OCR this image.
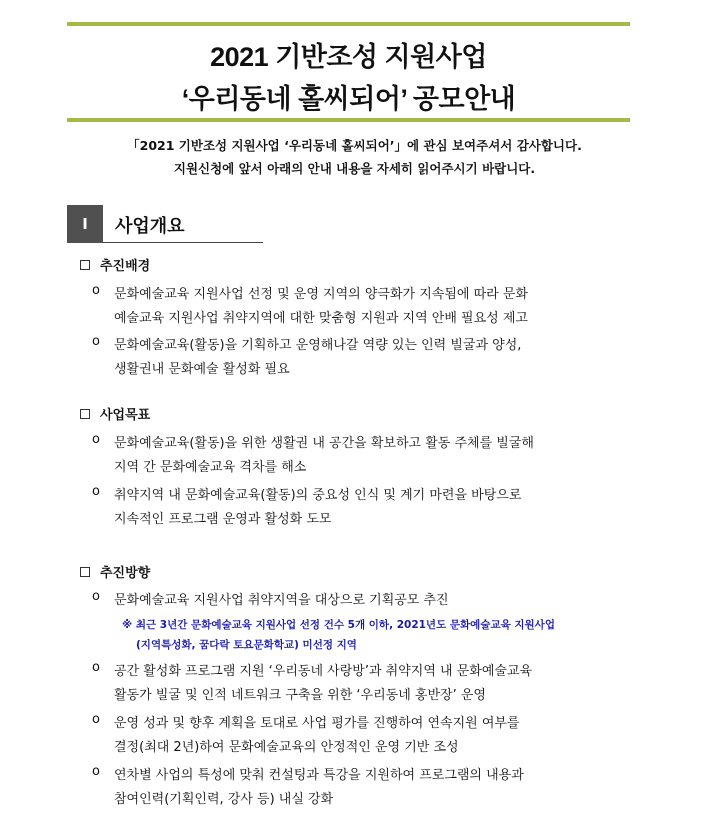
2021 기반조성 지원사업
‘우리동네 홀씨되어’ 공모안내
「2021 기반조성 지원사업 ‘우리동네 홀씨되어’」에 관심 보여주셔서 감사합니다.
지원신청에 앞서 아래의 안내 내용을 자세히 읽어주시기 바랍니다.
Ⅰ	사업개요
추진배경
o 문화예술교육 지원사업 선정 및 운영 지역의 양극화가 지속됨에 따라 문화
예술교육 지원사업 취약지역에 대한 맞춤형 지원과 지역 안배 필요성 제고
o 문화예술교육(활동)을 기획하고 운영해나갈 역량 있는 인력 빌굴과 양성,
생활권내 문화예술 활성화 필요
사업목표
o 문화예술교육(활동)을 위한 생활권 내 공간을 확보하고 활동 주체를 빌굴해
지역 간 문화예술교육 격차를 해소
o 취약지역 내 문화예술교육(활동)의 중요성 인식 및 계기 마련을 바탕으로
지속적인 프로그램 운영과 활성화 도모
추진방향
o 문화예술교육 지원사업 취약지역을 대상으로 기획공모 추진
※ 최근 3년간 문화예술교육 지원사업 선정 건수 5개 이하, 2021년도 문화예술교육 지원사업
(지역특성화, 꿈다락 토요문화학교) 미선정 지역
o 공간 활성화 프로그램 지원 ‘우리동네 사랑방’과 취약지역 내 문화예술교육
활동가 빌굴 및 인적 네트워크 구축을 위한 ‘우리동네 홍반장’ 운영
o 운영 성과 및 향후 계획을 토대로 사업 평가를 진행하여 연속지원 여부를
결정(최대 2년)하여 문화예술교육의 안정적인 운영 기반 조성
o 연차별 사업의 특성에 맞춰 컨설팅과 특강을 지원하여 프로그램의 내용과
참여인력(기획인력, 강사 등) 내실 강화
